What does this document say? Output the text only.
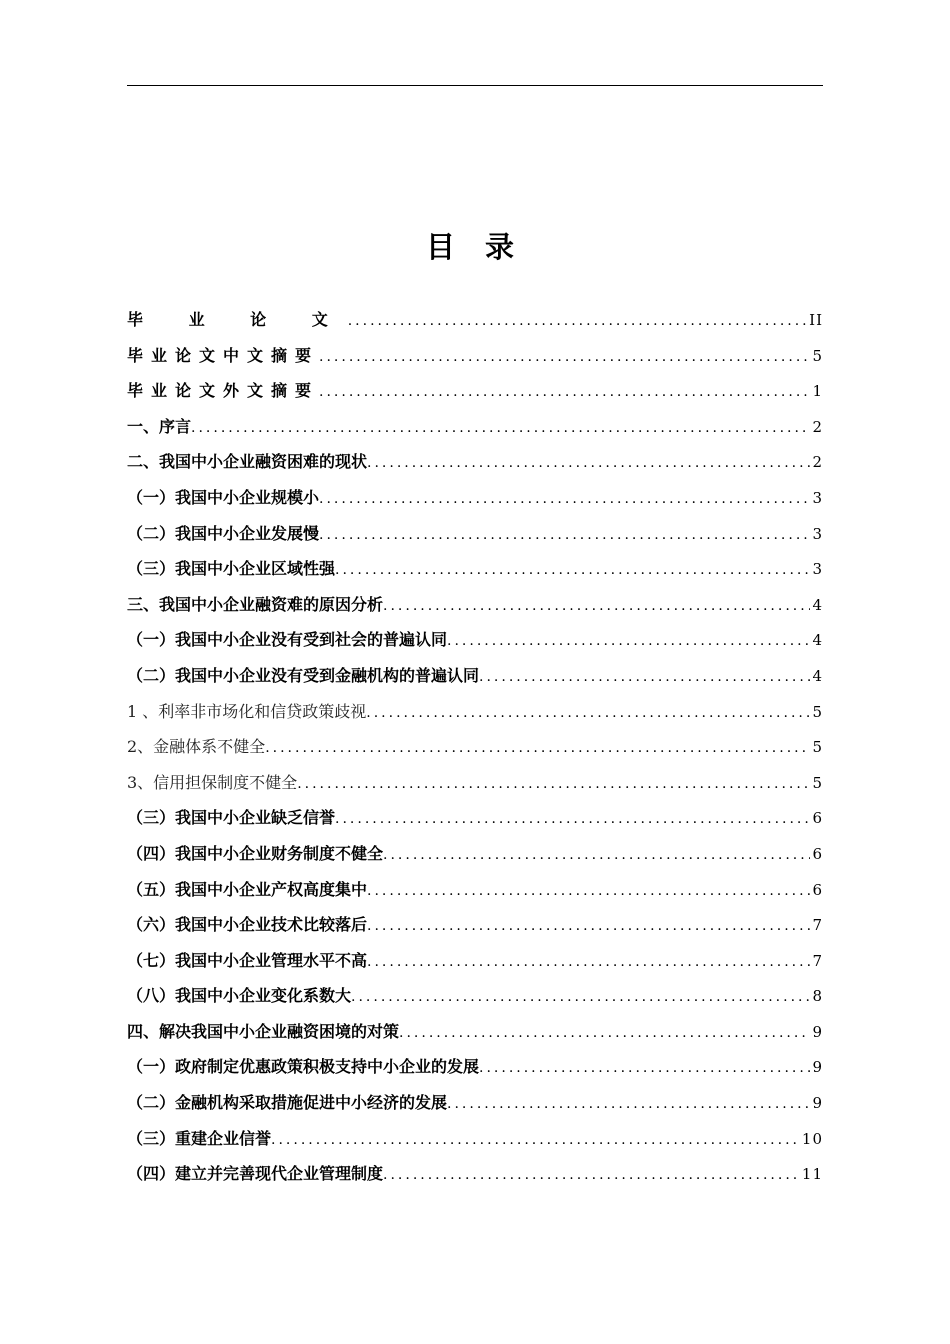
目 录
毕 业 论 文 .....	II
毕业论文中文摘要 .....	5
毕业论文外文摘要 .....	1
一、序言 .....	2
二、我国中小企业融资困难的现状 .....	2
（一）我国中小企业规模小 .....	3
（二）我国中小企业发展慢 .....	3
（三）我国中小企业区域性强 .....	3
三、我国中小企业融资难的原因分析 .....	4
（一）我国中小企业没有受到社会的普遍认同 .....	4
（二）我国中小企业没有受到金融机构的普遍认同 .....	4
1 、利率非市场化和信贷政策歧视 .....	5
2、金融体系不健全 .....	5
3、信用担保制度不健全 .....	5
（三）我国中小企业缺乏信誉 .....	6
（四）我国中小企业财务制度不健全 .....	6
（五）我国中小企业产权高度集中 .....	6
（六）我国中小企业技术比较落后 .....	7
（七）我国中小企业管理水平不高 .....	7
（八）我国中小企业变化系数大 .....	8
四、解决我国中小企业融资困境的对策 .....	9
（一）政府制定优惠政策积极支持中小企业的发展 .....	9
（二）金融机构采取措施促进中小经济的发展 .....	9
（三）重建企业信誉 .....	10
（四）建立并完善现代企业管理制度 .....	11
